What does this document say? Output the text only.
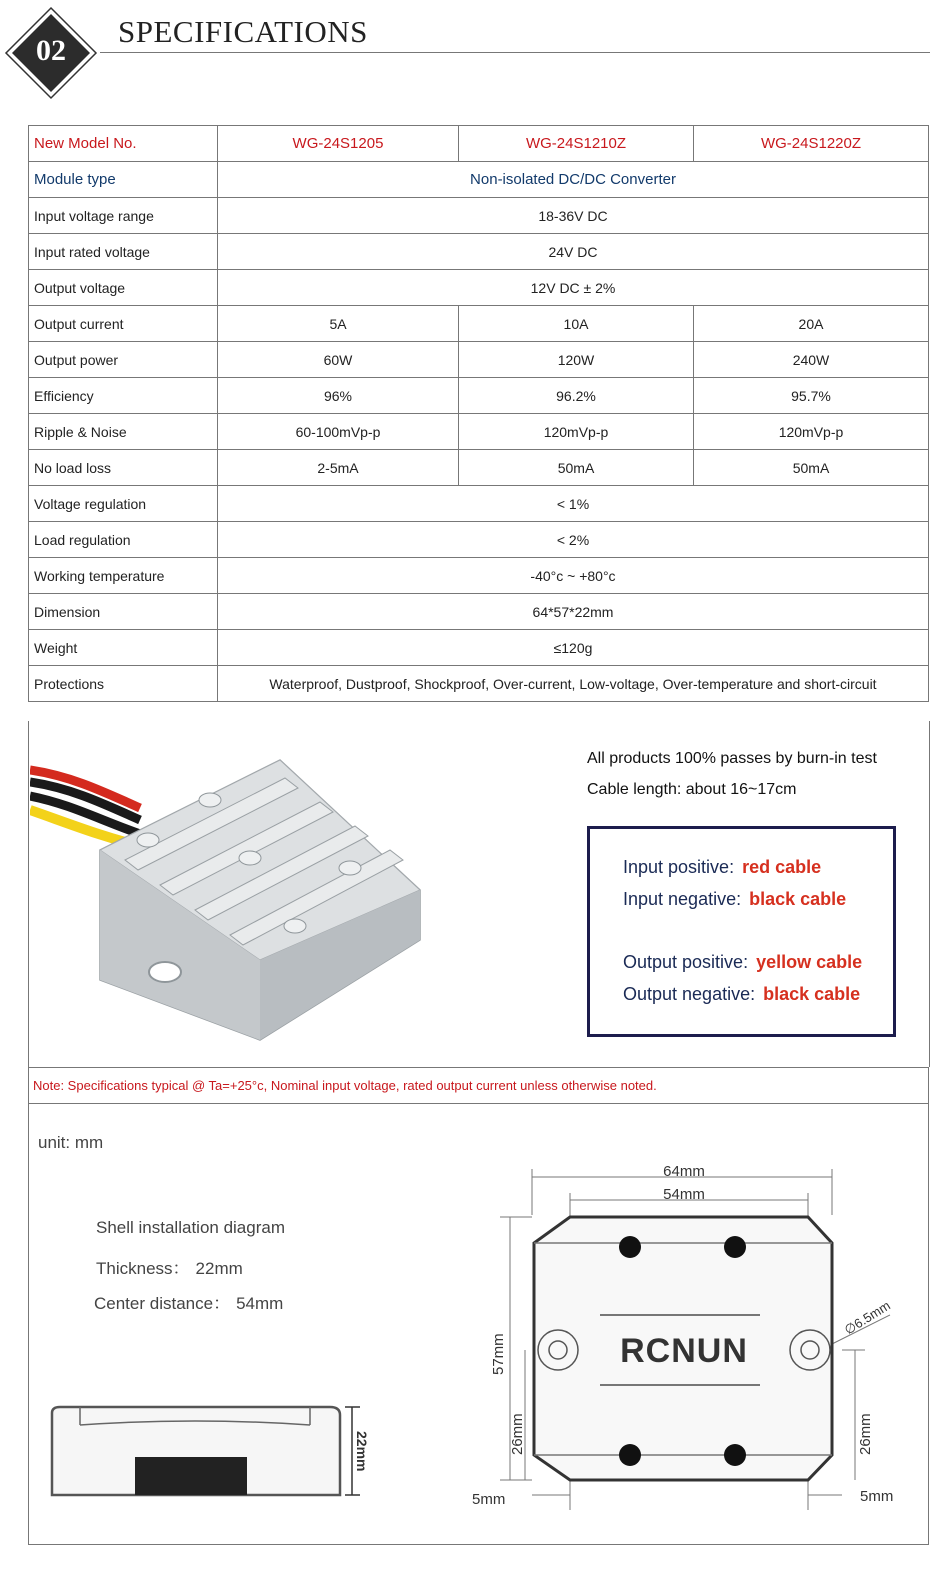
02
SPECIFICATIONS
New Model No.	WG-24S1205	WG-24S1210Z	WG-24S1220Z
Module type	Non-isolated DC/DC Converter		
Input voltage range	18-36V DC		
Input rated voltage	24V DC		
Output voltage	12V DC ± 2%		
Output current	5A	10A	20A
Output power	60W	120W	240W
Efficiency	96%	96.2%	95.7%
Ripple & Noise	60-100mVp-p	120mVp-p	120mVp-p
No load loss	2-5mA	50mA	50mA
Voltage regulation	< 1%		
Load regulation	< 2%		
Working temperature	-40°c ~ +80°c		
Dimension	64*57*22mm		
Weight	≤120g		
Protections	Waterproof, Dustproof, Shockproof, Over-current, Low-voltage, Over-temperature and short-circuit		
All products 100% passes by burn-in test
Cable length: about 16~17cm
Input positive: red cable
Input negative: black cable
Output positive: yellow cable
Output negative: black cable
Note: Specifications typical @ Ta=+25°c, Nominal input voltage, rated output current unless otherwise noted.
unit: mm
Shell installation diagram
Thickness： 22mm
Center distance： 54mm
22mm
RCNUN
64mm
54mm
57mm
26mm	26mm
5mm	5mm
∅6.5mm
